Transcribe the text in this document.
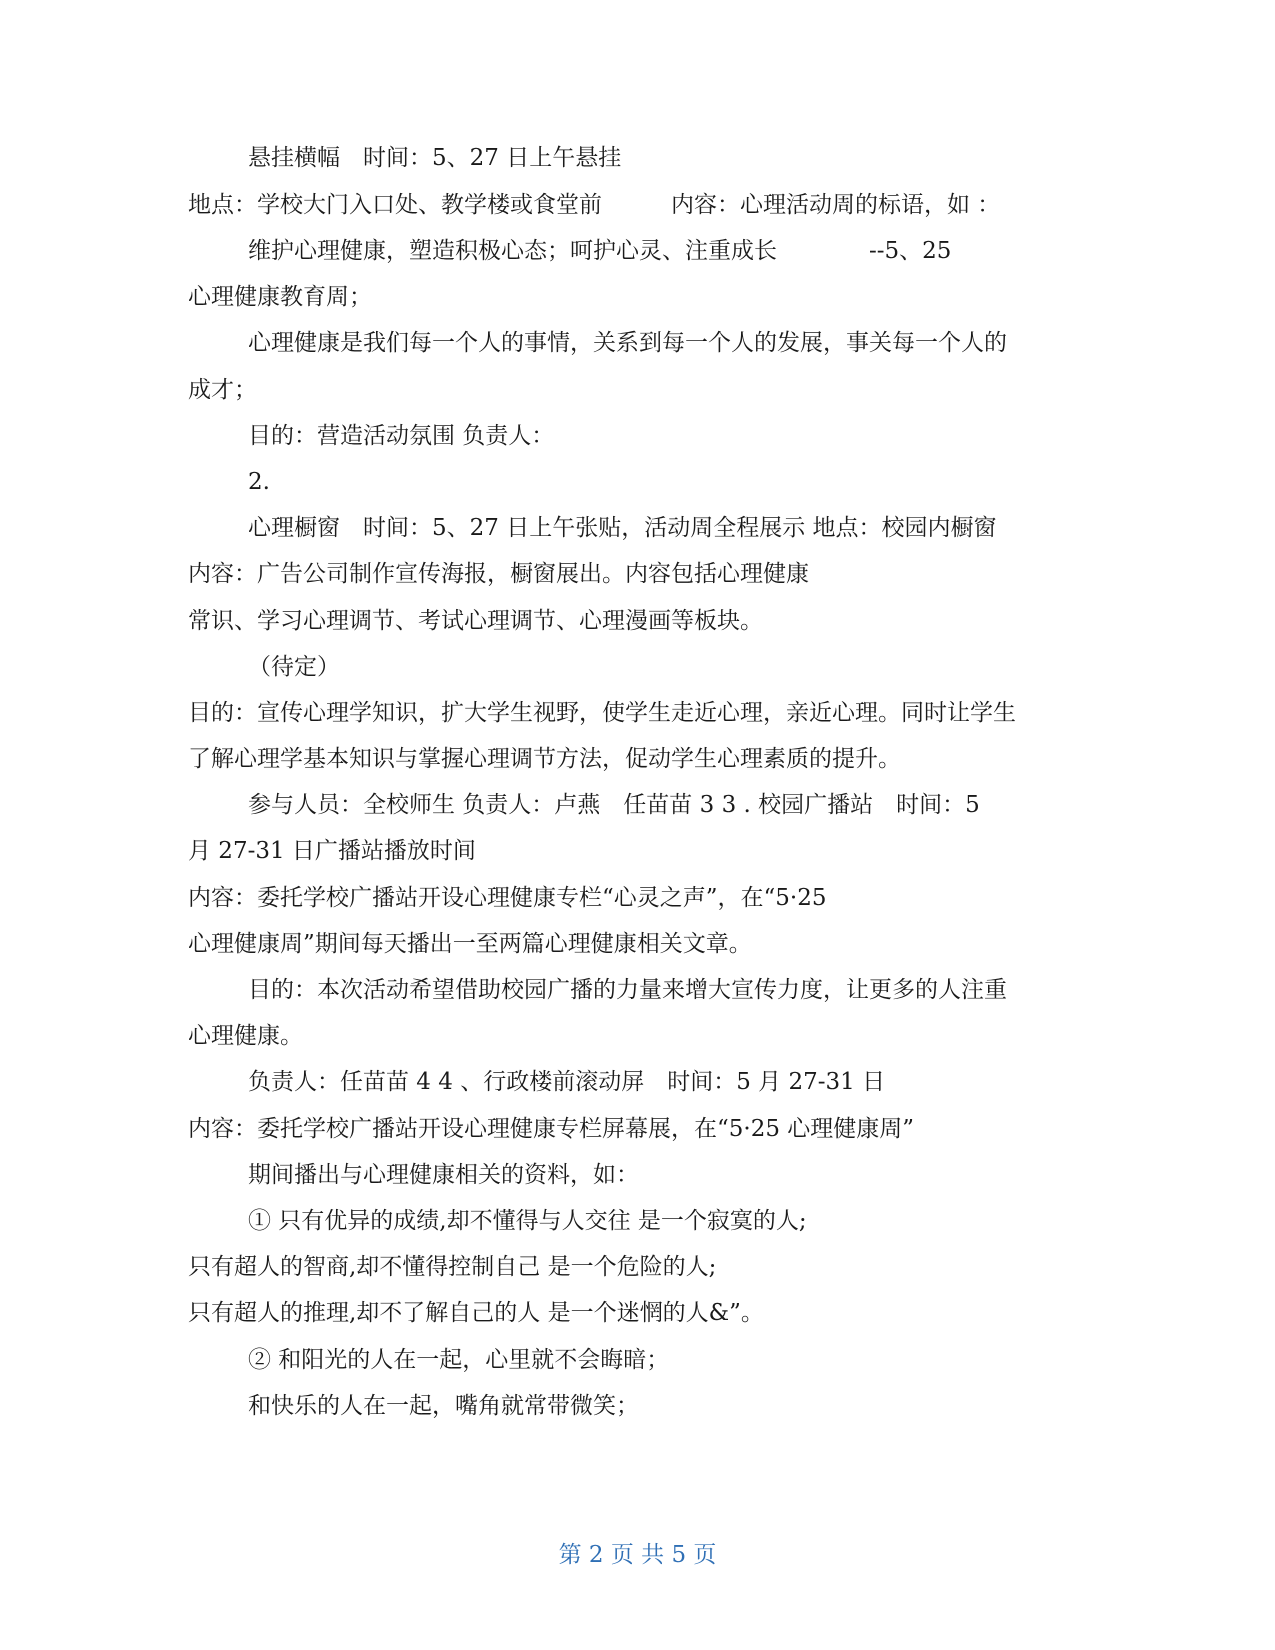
悬挂横幅　时间：5、27 日上午悬挂
地点：学校大门入口处、教学楼或食堂前　　　内容：心理活动周的标语，如 ：
维护心理健康，塑造积极心态；呵护心灵、注重成长　　　　--5、25
心理健康教育周；
心理健康是我们每一个人的事情，关系到每一个人的发展，事关每一个人的
成才；
目的：营造活动氛围 负责人：
2.
心理橱窗　时间：5、27 日上午张贴，活动周全程展示 地点：校园内橱窗
内容：广告公司制作宣传海报，橱窗展出。内容包括心理健康
常识、学习心理调节、考试心理调节、心理漫画等板块。
（待定）
目的：宣传心理学知识，扩大学生视野，使学生走近心理，亲近心理。同时让学生
了解心理学基本知识与掌握心理调节方法，促动学生心理素质的提升。
参与人员：全校师生 负责人：卢燕　任苗苗 3 3 . 校园广播站　时间：5
月 27-31 日广播站播放时间
内容：委托学校广播站开设心理健康专栏“心灵之声”，在“5·25
心理健康周”期间每天播出一至两篇心理健康相关文章。
目的：本次活动希望借助校园广播的力量来增大宣传力度，让更多的人注重
心理健康。
负责人：任苗苗 4 4 、行政楼前滚动屏　时间：5 月 27-31 日
内容：委托学校广播站开设心理健康专栏屏幕展，在“5·25 心理健康周”
期间播出与心理健康相关的资料，如：
① 只有优异的成绩,却不懂得与人交往 是一个寂寞的人;
只有超人的智商,却不懂得控制自己 是一个危险的人;
只有超人的推理,却不了解自己的人 是一个迷惘的人&”。
② 和阳光的人在一起，心里就不会晦暗；
和快乐的人在一起，嘴角就常带微笑；
第 2 页 共 5 页
